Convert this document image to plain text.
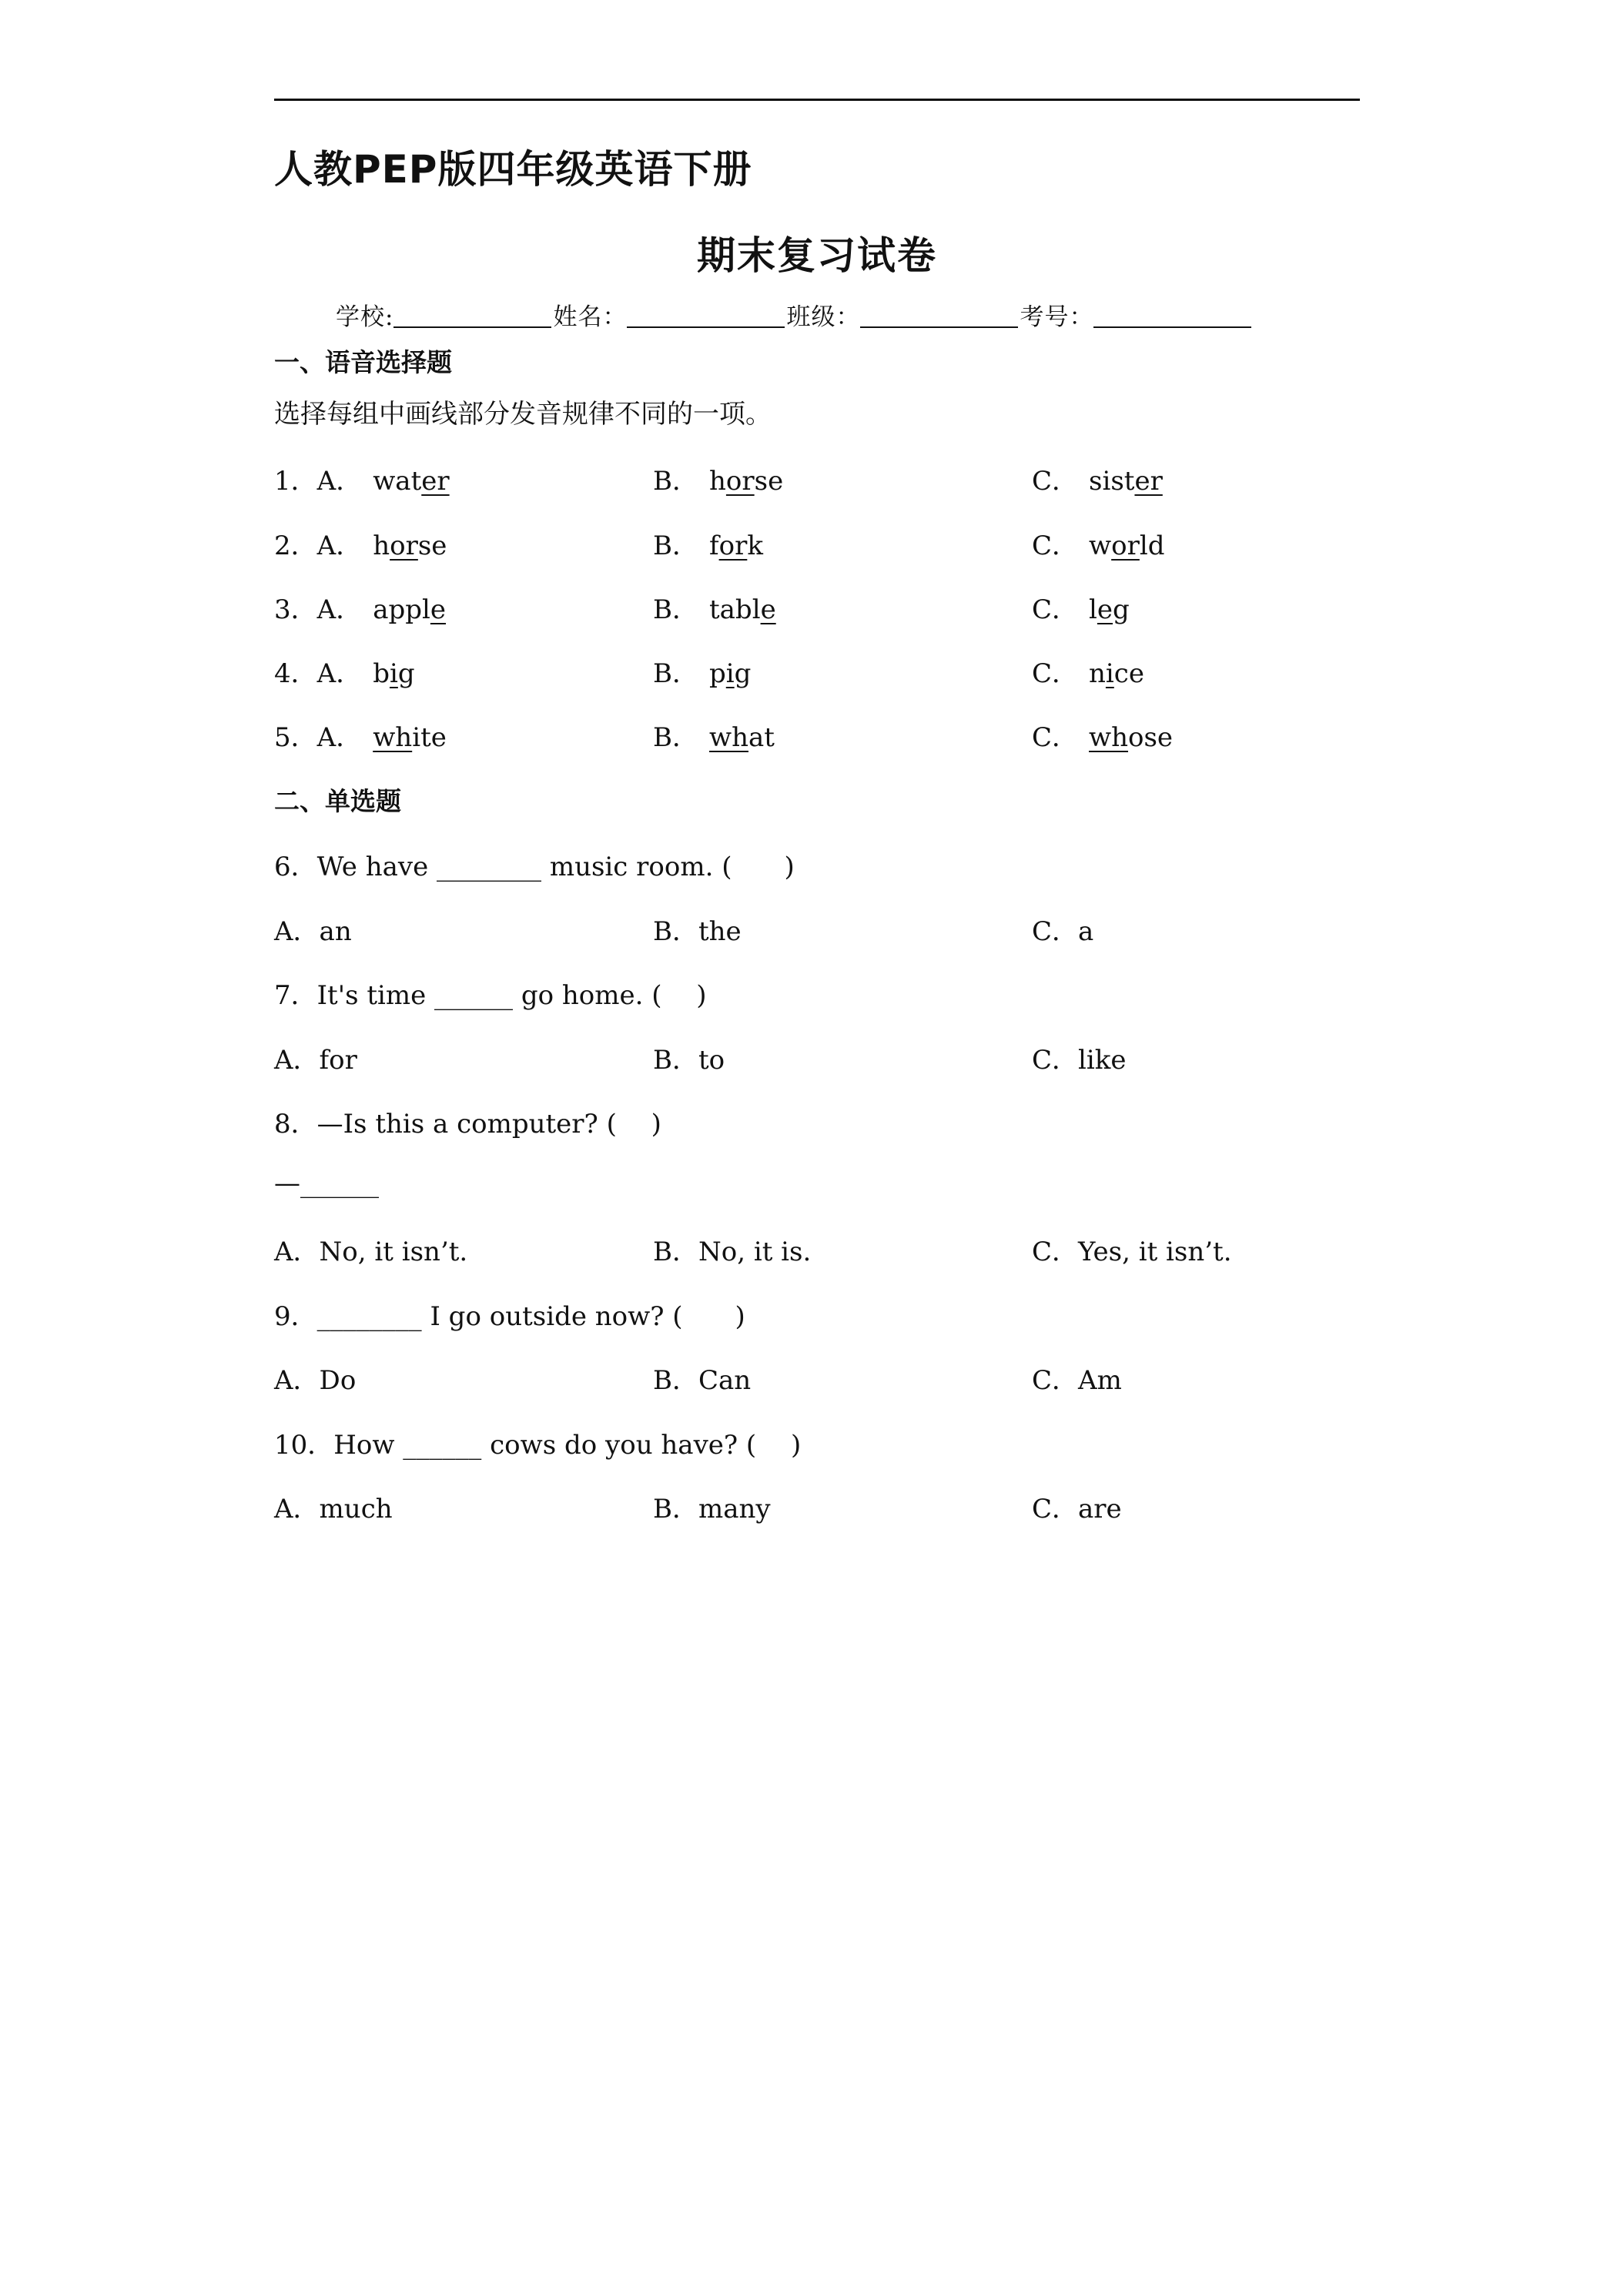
人教PEP版四年级英语下册
期末复习试卷
学校:	姓名：	班级：	考号：
一、语音选择题
选择每组中画线部分发音规律不同的一项。
1．A． water	B． horse	C． sister
2．A． horse	B． fork	C． world
3．A． apple	B． table	C． leg
4．A． big	B． pig	C． nice
5．A． white	B． what	C． whose
二、单选题
6．We have ________ music room. (　　)
A．an	B．the	C．a
7．It's time ______ go home. (　 )
A．for	B．to	C．like
8．—Is this a computer? (　 )
—______
A．No, it isn’t.	B．No, it is.	C．Yes, it isn’t.
9．________ I go outside now? (　　)
A．Do	B．Can	C．Am
10．How ______ cows do you have? (　 )
A．much	B．many	C．are
